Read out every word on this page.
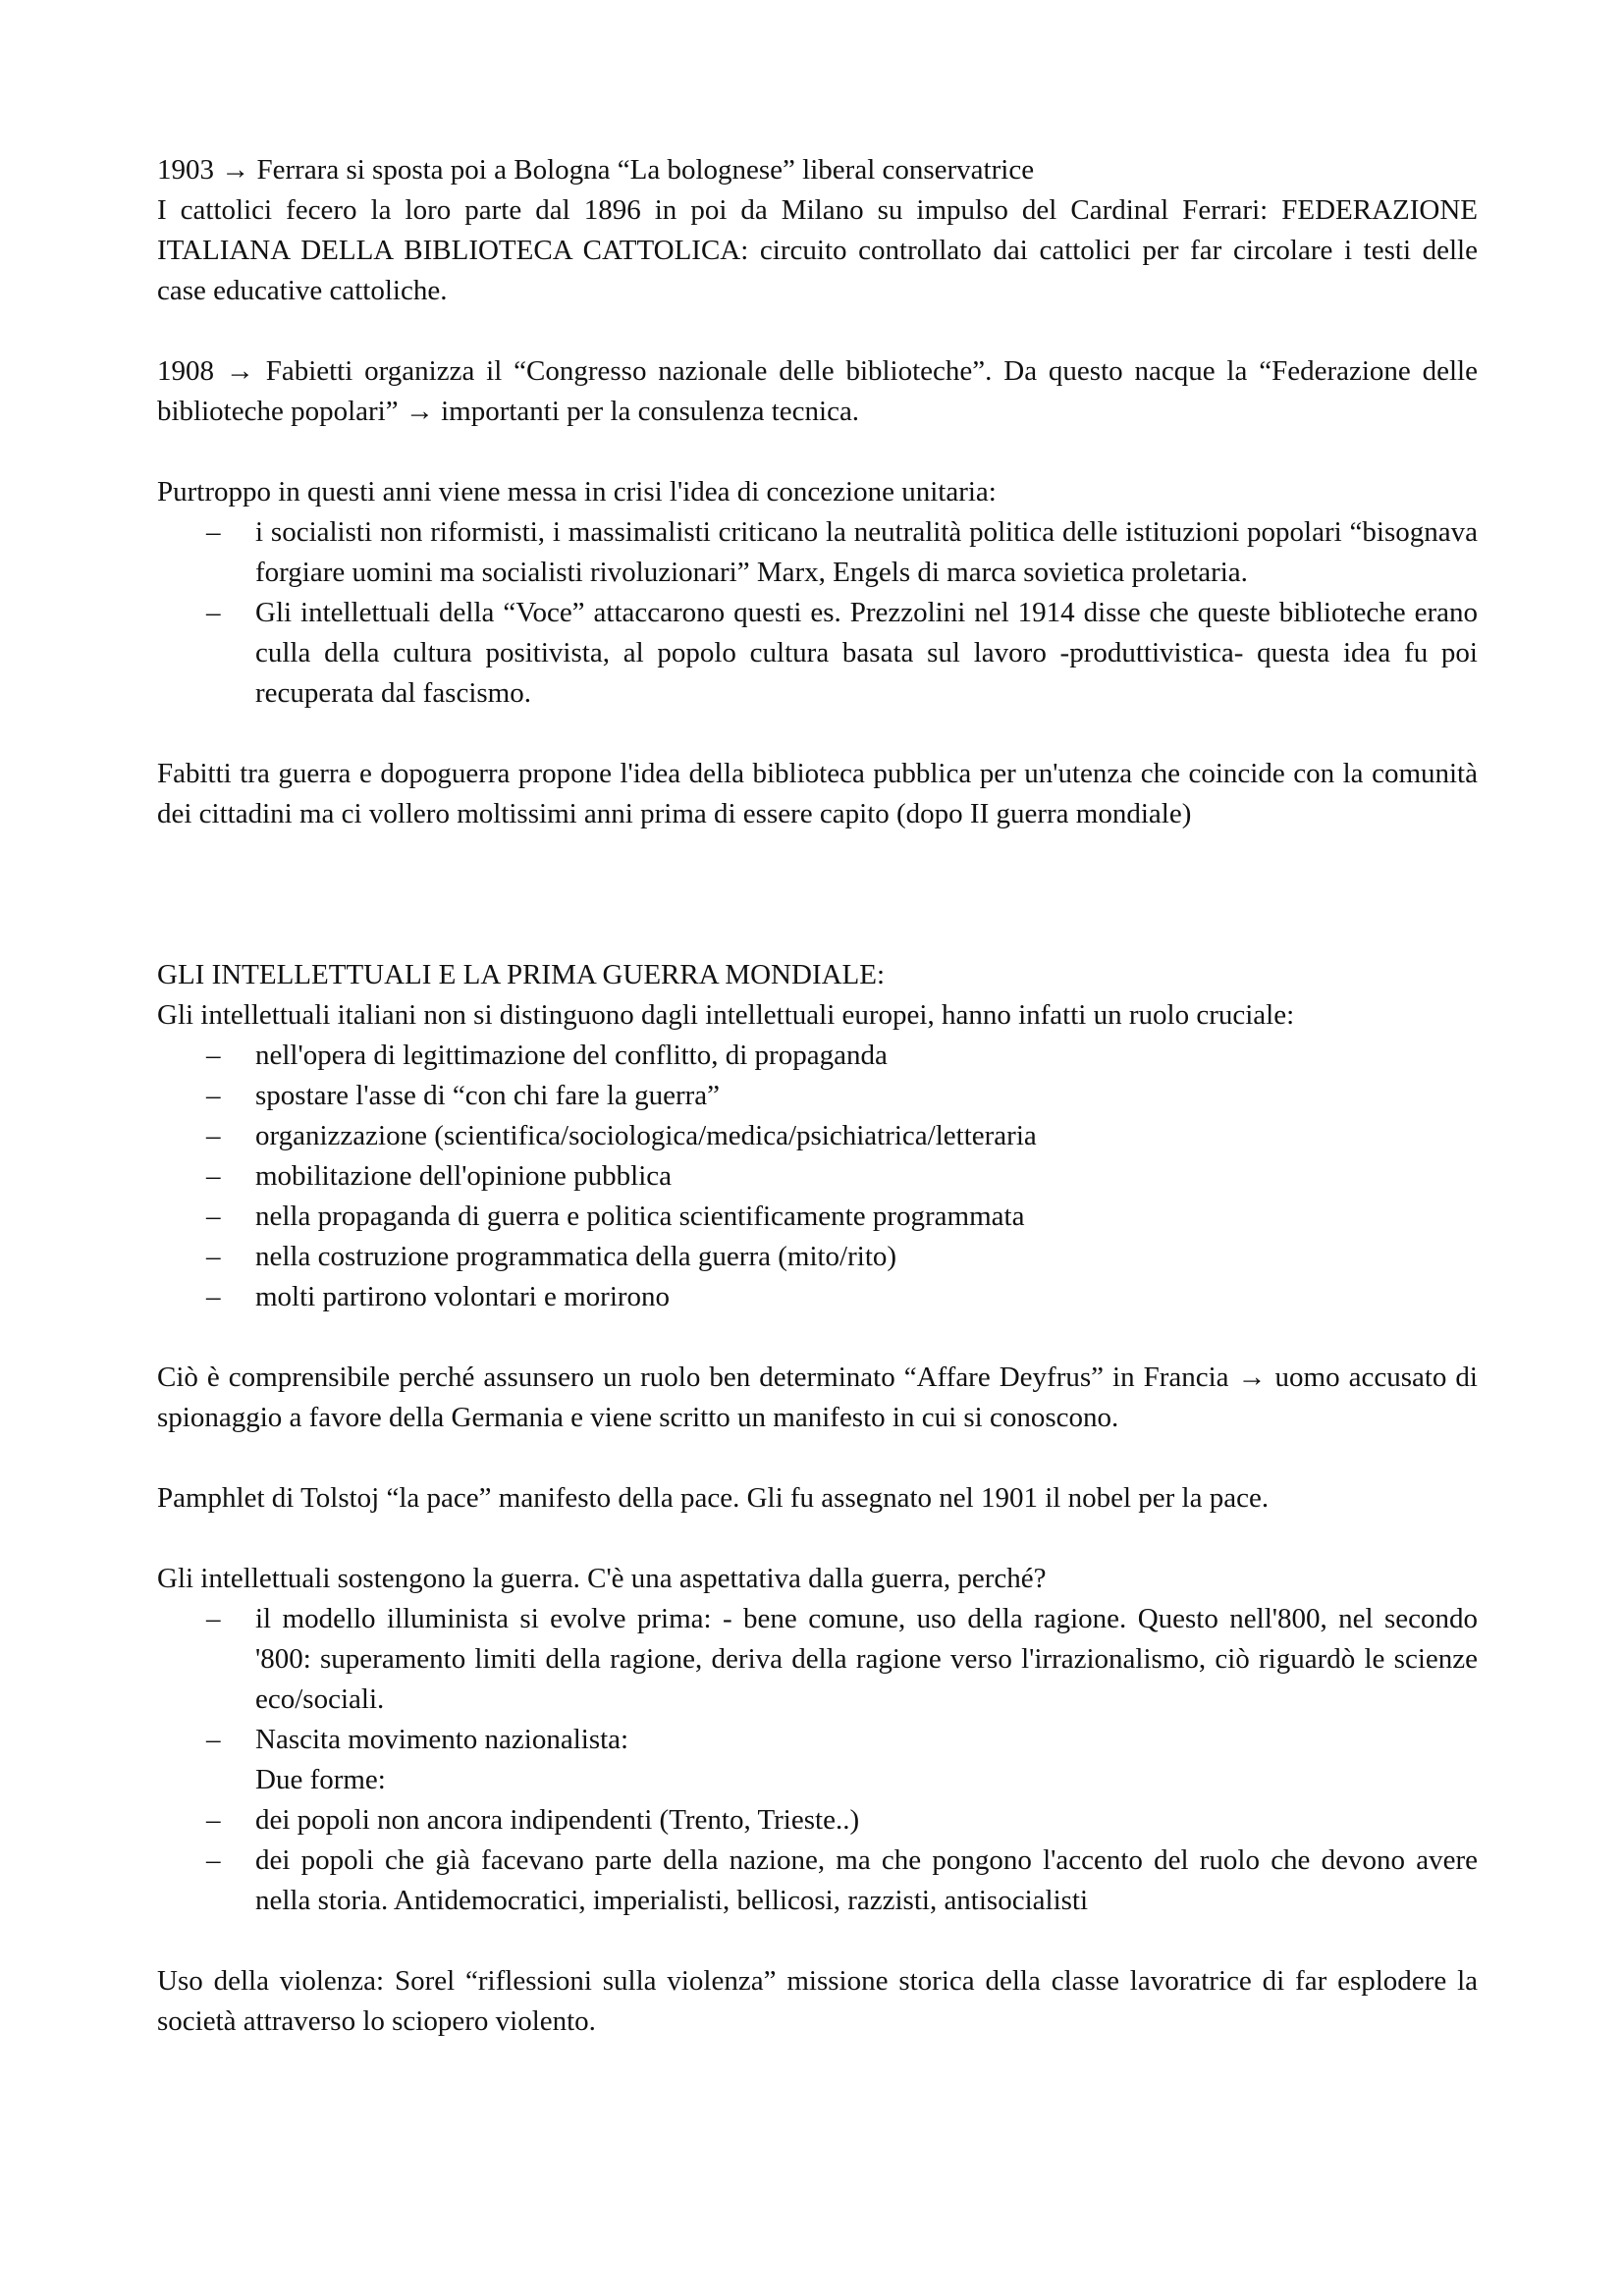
1903 → Ferrara si sposta poi a Bologna “La bolognese” liberal conservatrice

I cattolici fecero la loro parte dal 1896 in poi da Milano su impulso del Cardinal Ferrari: FEDERAZIONE ITALIANA DELLA BIBLIOTECA CATTOLICA: circuito controllato dai cattolici per far circolare i testi delle case educative cattoliche.

1908 → Fabietti organizza il “Congresso nazionale delle biblioteche”. Da questo nacque la “Federazione delle biblioteche popolari” → importanti per la consulenza tecnica.

Purtroppo in questi anni viene messa in crisi l'idea di concezione unitaria:
– i socialisti non riformisti, i massimalisti criticano la neutralità politica delle istituzioni popolari “bisognava forgiare uomini ma socialisti rivoluzionari” Marx, Engels di marca sovietica proletaria.
– Gli intellettuali della “Voce” attaccarono questi es. Prezzolini nel 1914 disse che queste biblioteche erano culla della cultura positivista, al popolo cultura basata sul lavoro -produttivistica- questa idea fu poi recuperata dal fascismo.

Fabitti tra guerra e dopoguerra propone l'idea della biblioteca pubblica per un'utenza che coincide con la comunità dei cittadini ma ci vollero moltissimi anni prima di essere capito (dopo II guerra mondiale)

GLI INTELLETTUALI E LA PRIMA GUERRA MONDIALE:
Gli intellettuali italiani non si distinguono dagli intellettuali europei, hanno infatti un ruolo cruciale:
– nell'opera di legittimazione del conflitto, di propaganda
– spostare l'asse di “con chi fare la guerra”
– organizzazione (scientifica/sociologica/medica/psichiatrica/letteraria
– mobilitazione dell'opinione pubblica
– nella propaganda di guerra e politica scientificamente programmata
– nella costruzione programmatica della guerra (mito/rito)
– molti partirono volontari e morirono

Ciò è comprensibile perché assunsero un ruolo ben determinato “Affare Deyfrus” in Francia → uomo accusato di spionaggio a favore della Germania e viene scritto un manifesto in cui si conoscono.

Pamphlet di Tolstoj “la pace” manifesto della pace. Gli fu assegnato nel 1901 il nobel per la pace.

Gli intellettuali sostengono la guerra. C'è una aspettativa dalla guerra, perché?
– il modello illuminista si evolve prima: - bene comune, uso della ragione. Questo nell'800, nel secondo '800: superamento limiti della ragione, deriva della ragione verso l'irrazionalismo, ciò riguardò le scienze eco/sociali.
– Nascita movimento nazionalista:
Due forme:
– dei popoli non ancora indipendenti (Trento, Trieste..)
– dei popoli che già facevano parte della nazione, ma che pongono l'accento del ruolo che devono avere nella storia. Antidemocratici, imperialisti, bellicosi, razzisti, antisocialisti

Uso della violenza: Sorel “riflessioni sulla violenza” missione storica della classe lavoratrice di far esplodere la società attraverso lo sciopero violento.
